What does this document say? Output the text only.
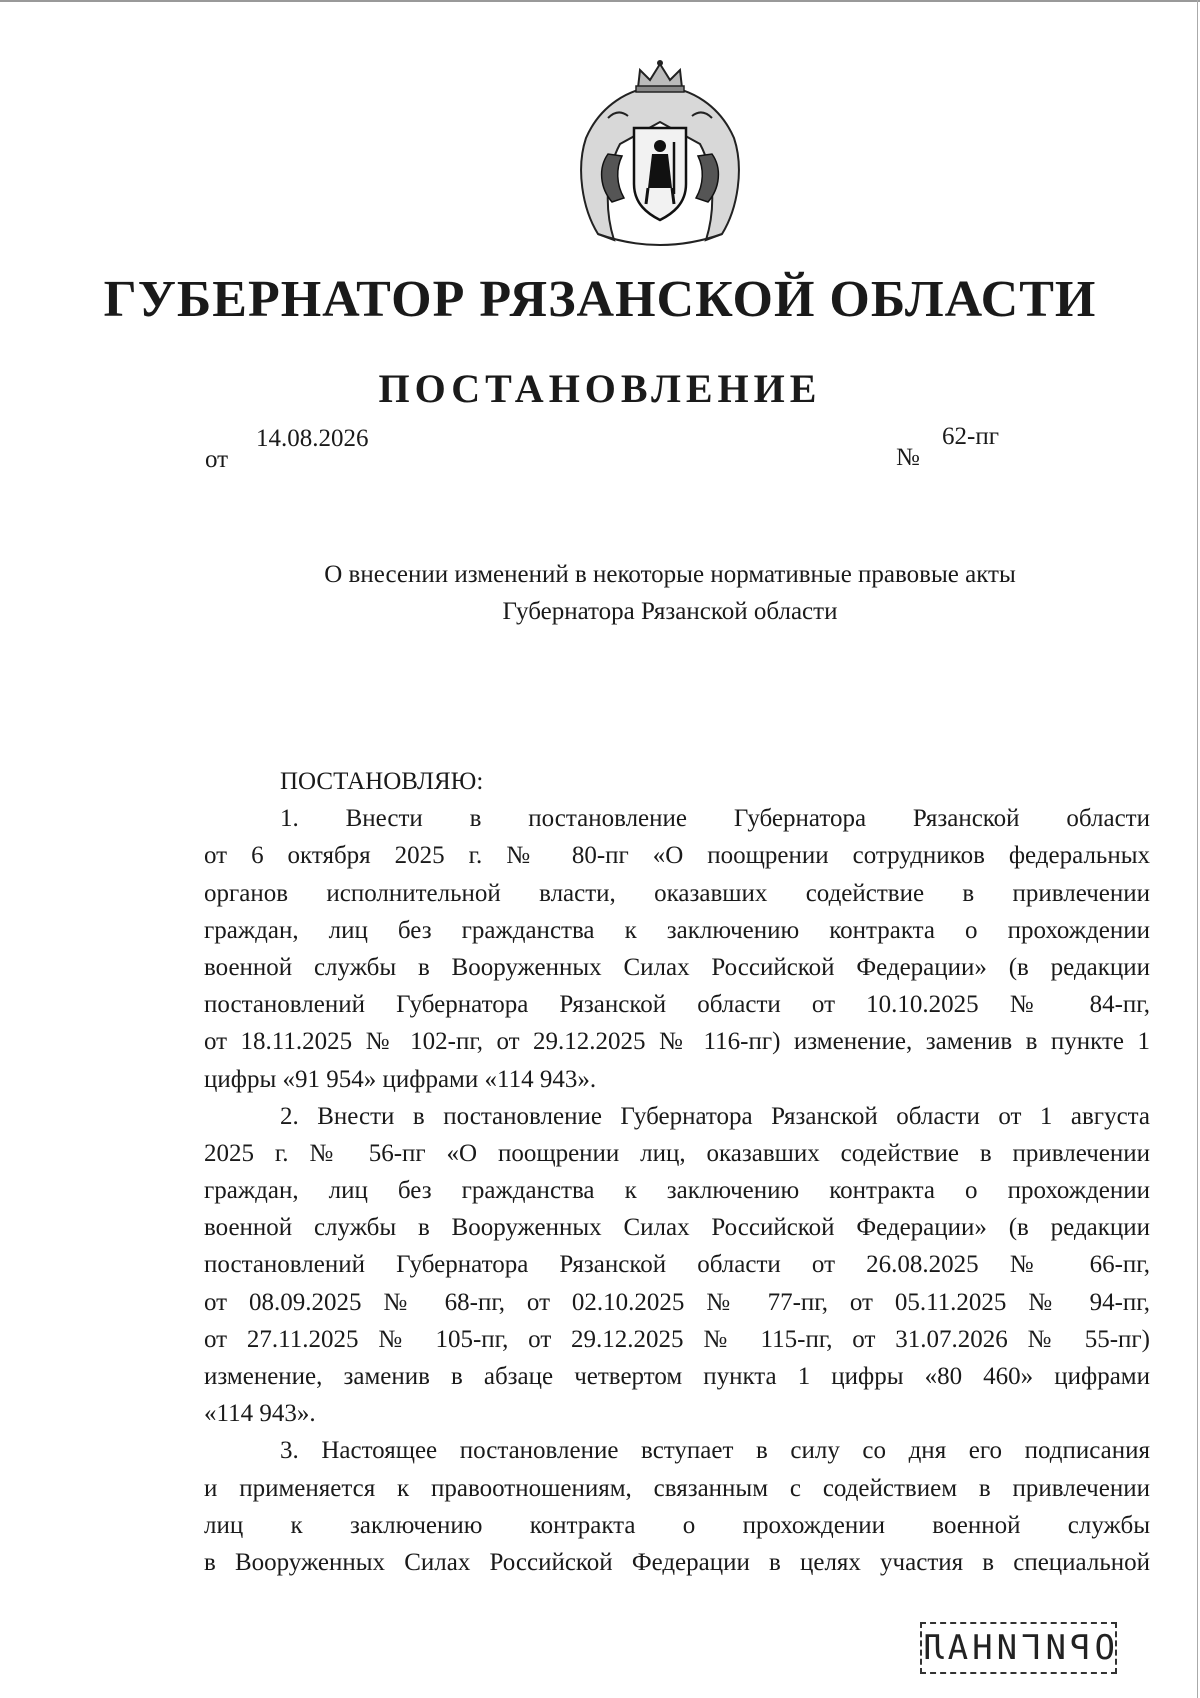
ГУБЕРНАТОР РЯЗАНСКОЙ ОБЛАСТИ
ПОСТАНОВЛЕНИЕ
от
14.08.2026
№
62-пг
О внесении изменений в некоторые нормативные правовые акты
Губернатора Рязанской области
ПОСТАНОВЛЯЮ:
1. Внести в постановление Губернатора Рязанской области
от 6 октября 2025 г. № 80-пг «О поощрении сотрудников федеральных
органов исполнительной власти, оказавших содействие в привлечении
граждан, лиц без гражданства к заключению контракта о прохождении
военной службы в Вооруженных Силах Российской Федерации» (в редакции
постановлений Губернатора Рязанской области от 10.10.2025 № 84-пг,
от 18.11.2025 № 102-пг, от 29.12.2025 № 116-пг) изменение, заменив в пункте 1
цифры «91 954» цифрами «114 943».
2. Внести в постановление Губернатора Рязанской области от 1 августа
2025 г. № 56-пг «О поощрении лиц, оказавших содействие в привлечении
граждан, лиц без гражданства к заключению контракта о прохождении
военной службы в Вооруженных Силах Российской Федерации» (в редакции
постановлений Губернатора Рязанской области от 26.08.2025 № 66-пг,
от 08.09.2025 № 68-пг, от 02.10.2025 № 77-пг, от 05.11.2025 № 94-пг,
от 27.11.2025 № 105-пг, от 29.12.2025 № 115-пг, от 31.07.2026 № 55-пг)
изменение, заменив в абзаце четвертом пункта 1 цифры «80 460» цифрами
«114 943».
3. Настоящее постановление вступает в силу со дня его подписания
и применяется к правоотношениям, связанным с содействием в привлечении
лиц к заключению контракта о прохождении военной службы
в Вооруженных Силах Российской Федерации в целях участия в специальной
ОРИГИНАЛ
